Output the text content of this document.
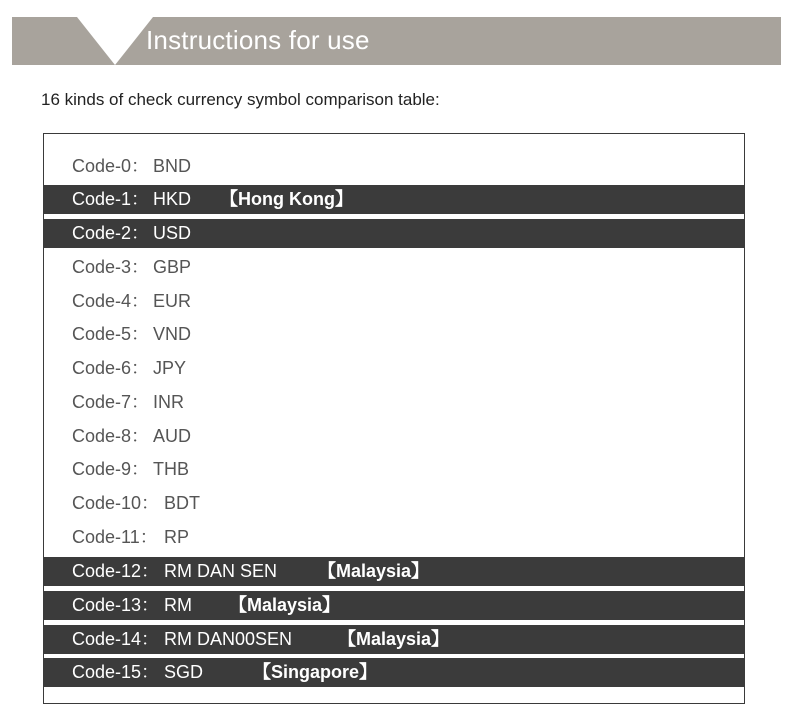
Instructions for use
16 kinds of check currency symbol comparison table:
Code-0： BND
Code-1： HKD 【Hong Kong】
Code-2： USD
Code-3： GBP
Code-4： EUR
Code-5： VND
Code-6： JPY
Code-7： INR
Code-8： AUD
Code-9： THB
Code-10： BDT
Code-11： RP
Code-12： RM DAN SEN 【Malaysia】
Code-13： RM 【Malaysia】
Code-14： RM DAN00SEN	【Malaysia】
Code-15： SGD	【Singapore】
